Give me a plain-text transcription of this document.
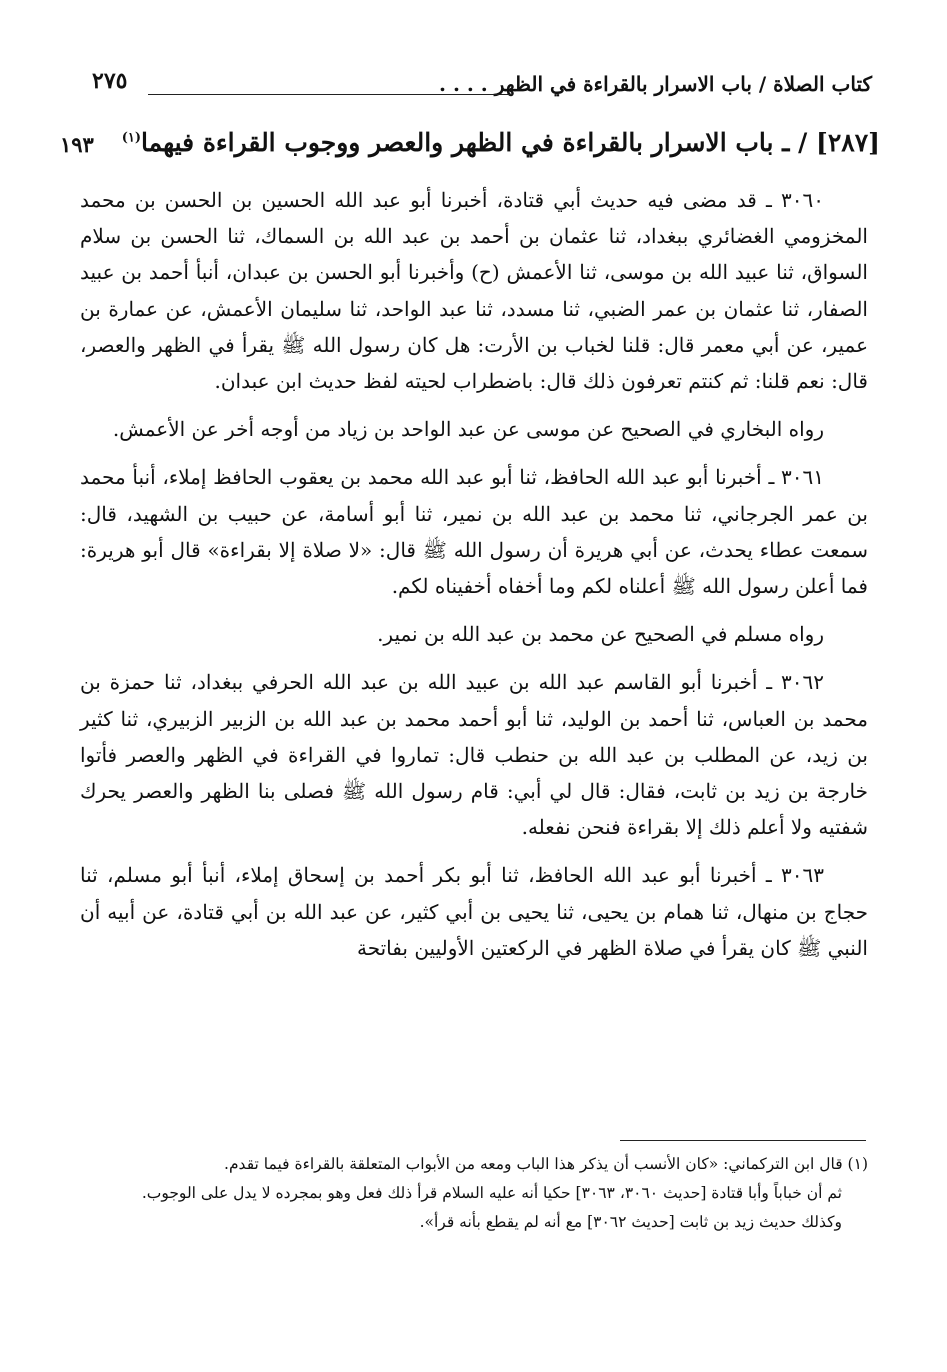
كتاب الصلاة / باب الاسرار بالقراءة في الظهر . . . .
٢٧٥
[٢٨٧] / ـ باب الاسرار بالقراءة في الظهر والعصر ووجوب القراءة فيهما$^{(١)}$
١٩٣

٣٠٦٠ ـ قد مضى فيه حديث أبي قتادة، أخبرنا أبو عبد الله الحسين بن الحسن بن محمد المخزومي الغضائري ببغداد، ثنا عثمان بن أحمد بن عبد الله بن السماك، ثنا الحسن بن سلام السواق، ثنا عبيد الله بن موسى، ثنا الأعمش (ح) وأخبرنا أبو الحسن بن عبدان، أنبأ أحمد بن عبيد الصفار، ثنا عثمان بن عمر الضبي، ثنا مسدد، ثنا عبد الواحد، ثنا سليمان الأعمش، عن عمارة بن عمير، عن أبي معمر قال: قلنا لخباب بن الأرت: هل كان رسول الله ﷺ يقرأ في الظهر والعصر، قال: نعم قلنا: ثم كنتم تعرفون ذلك قال: باضطراب لحيته لفظ حديث ابن عبدان.

رواه البخاري في الصحيح عن موسى عن عبد الواحد بن زياد من أوجه أخر عن الأعمش.

٣٠٦١ ـ أخبرنا أبو عبد الله الحافظ، ثنا أبو عبد الله محمد بن يعقوب الحافظ إملاء، أنبأ محمد بن عمر الجرجاني، ثنا محمد بن عبد الله بن نمير، ثنا أبو أسامة، عن حبيب بن الشهيد، قال: سمعت عطاء يحدث، عن أبي هريرة أن رسول الله ﷺ قال: «لا صلاة إلا بقراءة» قال أبو هريرة: فما أعلن رسول الله ﷺ أعلناه لكم وما أخفاه أخفيناه لكم.

رواه مسلم في الصحيح عن محمد بن عبد الله بن نمير.

٣٠٦٢ ـ أخبرنا أبو القاسم عبد الله بن عبيد الله بن عبد الله الحرفي ببغداد، ثنا حمزة بن محمد بن العباس، ثنا أحمد بن الوليد، ثنا أبو أحمد محمد بن عبد الله بن الزبير الزبيري، ثنا كثير بن زيد، عن المطلب بن عبد الله بن حنطب قال: تماروا في القراءة في الظهر والعصر فأتوا خارجة بن زيد بن ثابت، فقال: قال لي أبي: قام رسول الله ﷺ فصلى بنا الظهر والعصر يحرك شفتيه ولا أعلم ذلك إلا بقراءة فنحن نفعله.

٣٠٦٣ ـ أخبرنا أبو عبد الله الحافظ، ثنا أبو بكر أحمد بن إسحاق إملاء، أنبأ أبو مسلم، ثنا حجاج بن منهال، ثنا همام بن يحيى، ثنا يحيى بن أبي كثير، عن عبد الله بن أبي قتادة، عن أبيه أن النبي ﷺ كان يقرأ في صلاة الظهر في الركعتين الأوليين بفاتحة

(١) قال ابن التركماني: «كان الأنسب أن يذكر هذا الباب ومعه من الأبواب المتعلقة بالقراءة فيما تقدم.

ثم أن خباباً وأبا قتادة [حديث ٣٠٦٠، ٣٠٦٣] حكيا أنه عليه السلام قرأ ذلك فعل وهو بمجرده لا يدل على الوجوب.

وكذلك حديث زيد بن ثابت [حديث ٣٠٦٢] مع أنه لم يقطع بأنه قرأ».
